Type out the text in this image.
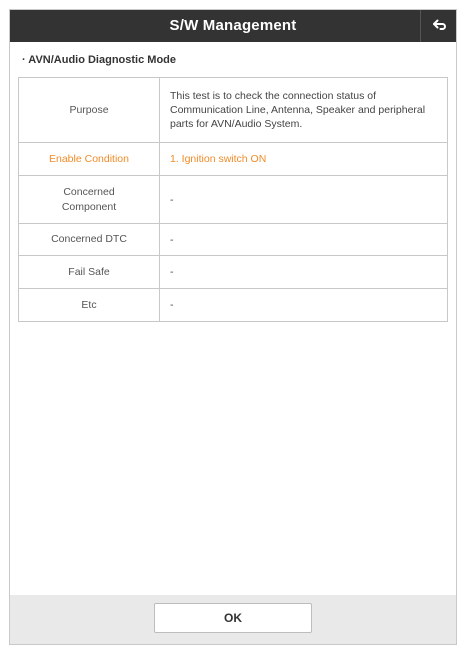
S/W Management
· AVN/Audio Diagnostic Mode
Purpose	This test is to check the connection status of Communication Line, Antenna, Speaker and peripheral parts for AVN/Audio System.
Enable Condition	1. Ignition switch ON
Concerned Component	-
Concerned DTC	-
Fail Safe	-
Etc	-
OK
